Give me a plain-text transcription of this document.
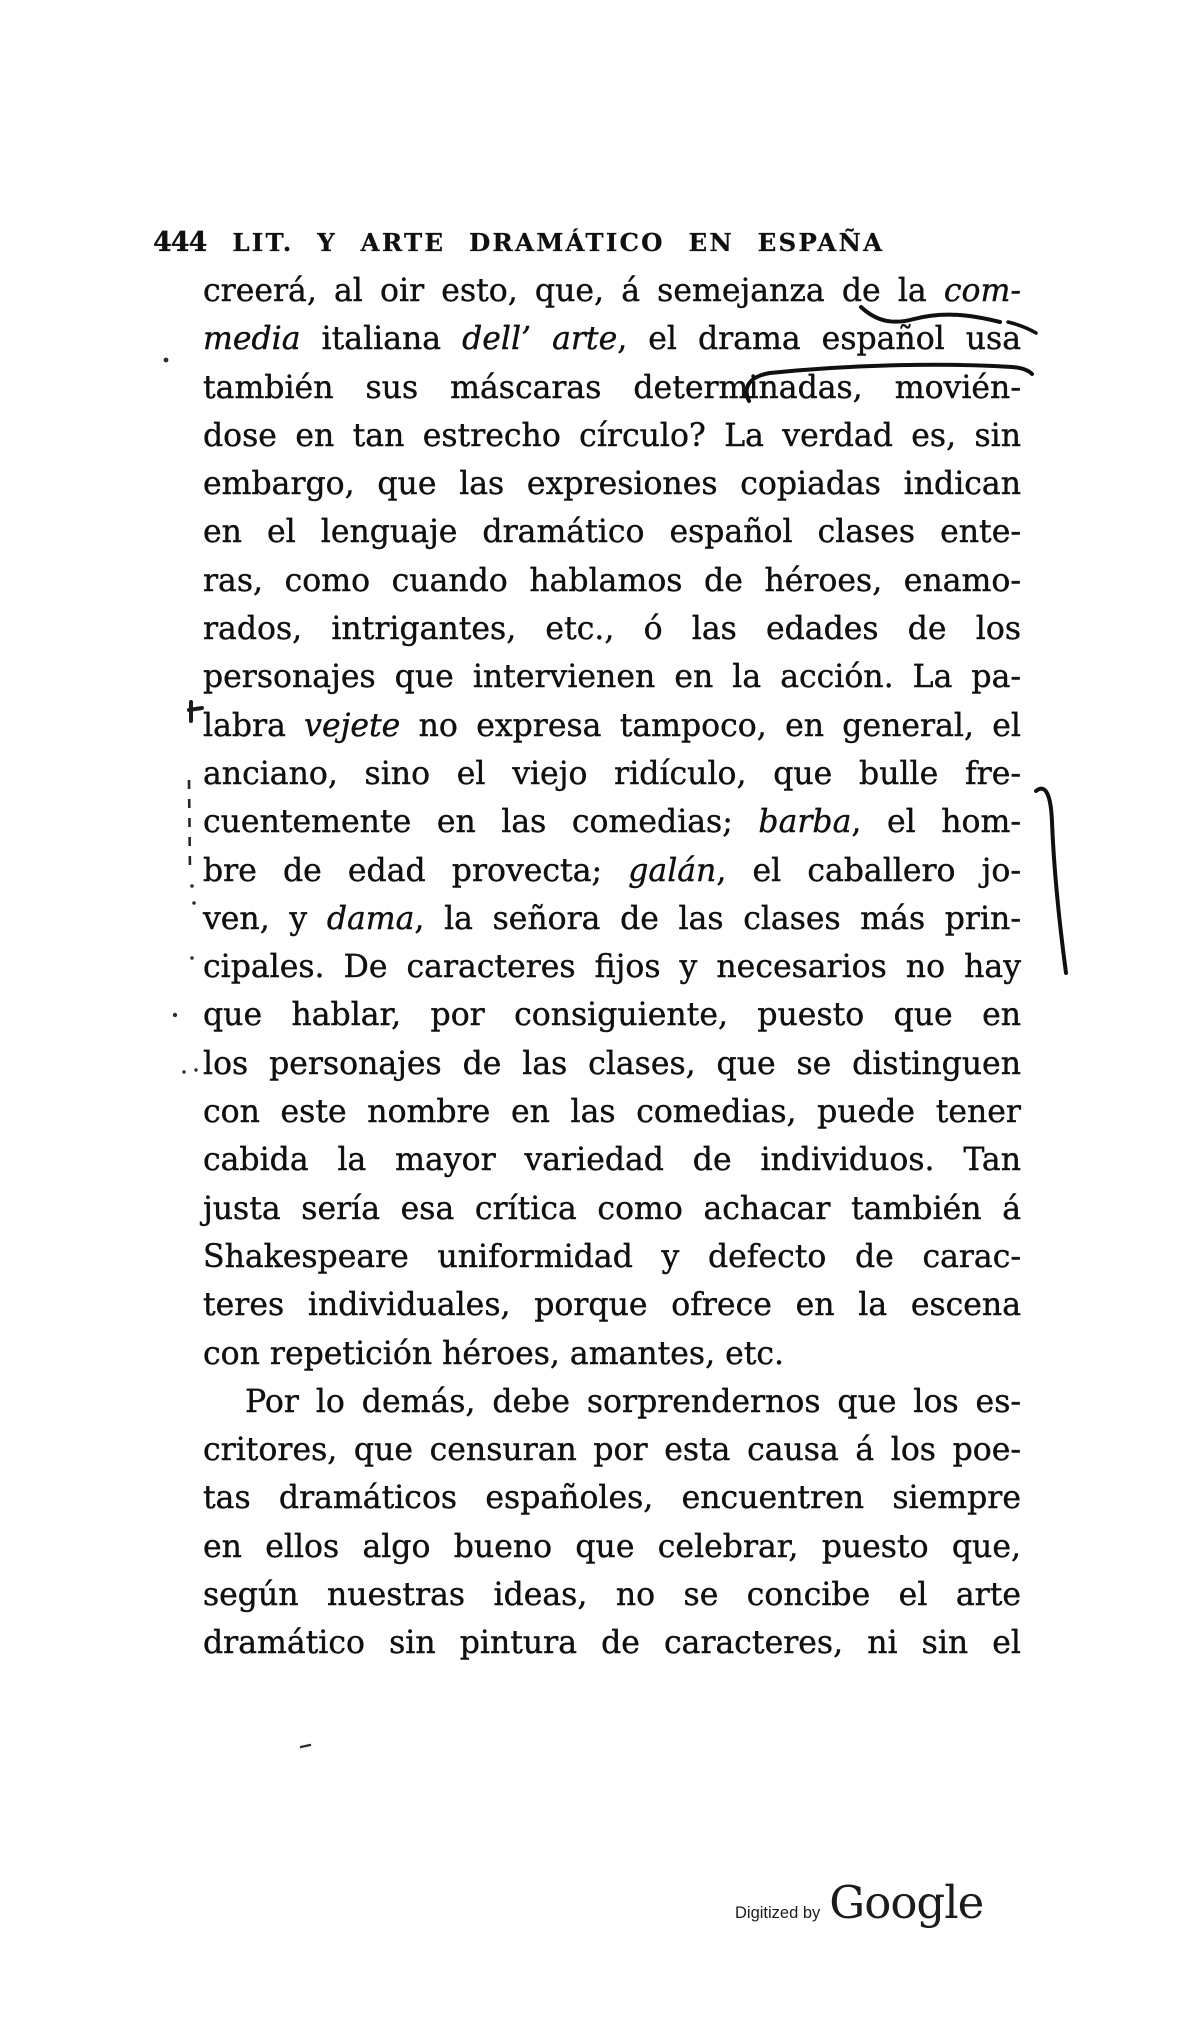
444 LIT. Y ARTE DRAMÁTICO EN ESPAÑA
creerá, al oir esto, que, á semejanza de la com-
media italiana dell’ arte, el drama español usa
también sus máscaras determinadas, movién-
dose en tan estrecho círculo? La verdad es, sin
embargo, que las expresiones copiadas indican
en el lenguaje dramático español clases ente-
ras, como cuando hablamos de héroes, enamo-
rados, intrigantes, etc., ó las edades de los
personajes que intervienen en la acción. La pa-
labra vejete no expresa tampoco, en general, el
anciano, sino el viejo ridículo, que bulle fre-
cuentemente en las comedias; barba, el hom-
bre de edad provecta; galán, el caballero jo-
ven, y dama, la señora de las clases más prin-
cipales. De caracteres fijos y necesarios no hay
que hablar, por consiguiente, puesto que en
los personajes de las clases, que se distinguen
con este nombre en las comedias, puede tener
cabida la mayor variedad de individuos. Tan
justa sería esa crítica como achacar también á
Shakespeare uniformidad y defecto de carac-
teres individuales, porque ofrece en la escena
con repetición héroes, amantes, etc.
Por lo demás, debe sorprendernos que los es-
critores, que censuran por esta causa á los poe-
tas dramáticos españoles, encuentren siempre
en ellos algo bueno que celebrar, puesto que,
según nuestras ideas, no se concibe el arte
dramático sin pintura de caracteres, ni sin el
Digitized by Google
